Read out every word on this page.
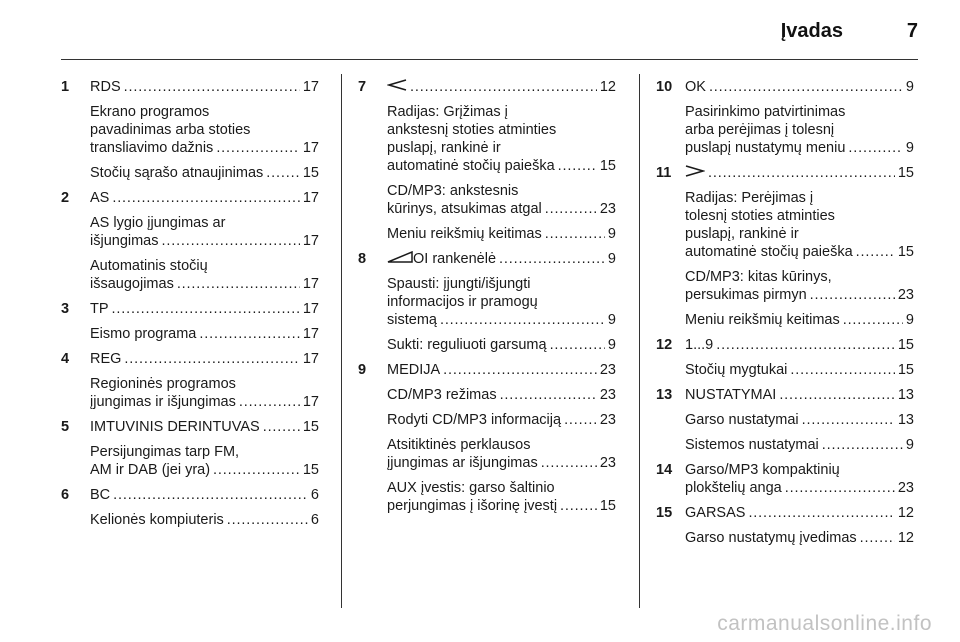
Įvadas	7
1 RDS . . .	17
Ekrano programos
pavadinimas arba stoties
transliavimo dažnis . . .	17
Stočių sąrašo atnaujinimas . . .	15
2 AS . . .	17
AS lygio įjungimas ar
išjungimas . . .	17
Automatinis stočių
išsaugojimas . . .	17
3 TP . . .	17
Eismo programa . . .	17
4 REG . . .	17
Regioninės programos
įjungimas ir išjungimas . . .	17
5 IMTUVINIS DERINTUVAS . . .	15
Persijungimas tarp FM,
AM ir DAB (jei yra) . . .	15
6 BC . . .	6
Kelionės kompiuteris . . .	6
7 . . .	12
Radijas: Grįžimas į
ankstesnį stoties atminties
puslapį, rankinė ir
automatinė stočių paieška . . .	15
CD/MP3: ankstesnis
kūrinys, atsukimas atgal . . .	23
Meniu reikšmių keitimas . . .	9
8	OI rankenėlė . . .	9
Spausti: įjungti/išjungti
informacijos ir pramogų
sistemą . . .	9
Sukti: reguliuoti garsumą . . .	9
9 MEDIJA . . .	23
CD/MP3 režimas . . .	23
Rodyti CD/MP3 informaciją . . .	23
Atsitiktinės perklausos
įjungimas ar išjungimas . . .	23
AUX įvestis: garso šaltinio
perjungimas į išorinę įvestį . . .	15
10 OK . . .	9
Pasirinkimo patvirtinimas
arba perėjimas į tolesnį
puslapį nustatymų meniu . . .	9
11 . . .	15
Radijas: Perėjimas į
tolesnį stoties atminties
puslapį, rankinė ir
automatinė stočių paieška . . .	15
CD/MP3: kitas kūrinys,
persukimas pirmyn . . .	23
Meniu reikšmių keitimas . . .	9
12 1...9 . . .	15
Stočių mygtukai . . .	15
13 NUSTATYMAI . . .	13
Garso nustatymai . . .	13
Sistemos nustatymai . . .	9
14 Garso/MP3 kompaktinių
plokštelių anga . . .	23
15 GARSAS . . .	12
Garso nustatymų įvedimas . . .	12
carmanualsonline.info
